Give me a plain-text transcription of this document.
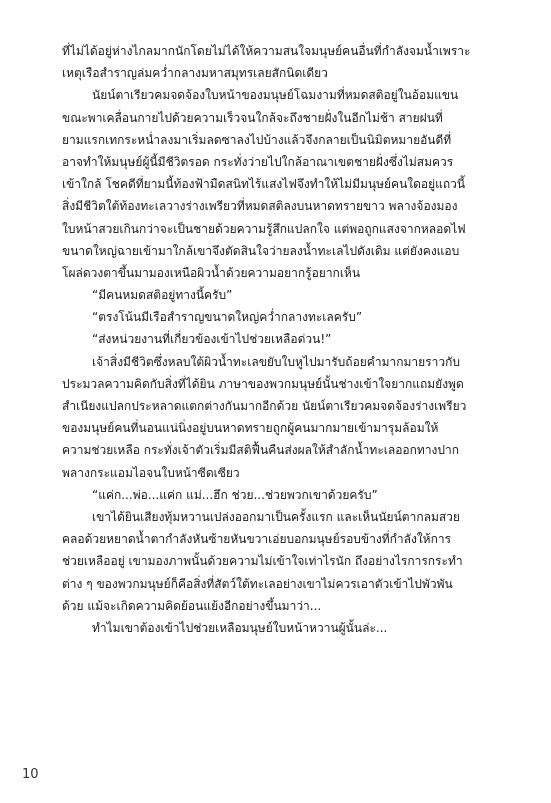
ที่ไม่ได้อยู่ห่างไกลมากนักโดยไม่ได้ให้ความสนใจมนุษย์คนอื่นที่กำลังจมน้ำเพราะ
เหตุเรือสำราญล่มคว่ำกลางมหาสมุทรเลยสักนิดเดียว
นัยน์ตาเรียวคมจดจ้องใบหน้าของมนุษย์โฉมงามที่หมดสติอยู่ในอ้อมแขน
ขณะพาเคลื่อนกายไปด้วยความเร็วจนใกล้จะถึงชายฝั่งในอีกไม่ช้า สายฝนที่
ยามแรกเทกระหน่ำลงมาเริ่มลดซาลงไปบ้างแล้วจึงกลายเป็นนิมิตหมายอันดีที่
อาจทำให้มนุษย์ผู้นี้มีชีวิตรอด กระทั่งว่ายไปใกล้อาณาเขตชายฝั่งซึ่งไม่สมควร
เข้าใกล้ โชคดีที่ยามนี้ท้องฟ้ามืดสนิทไร้แสงไฟจึงทำให้ไม่มีมนุษย์คนใดอยู่แถวนี้
สิ่งมีชีวิตใต้ท้องทะเลวางร่างเพรียวที่หมดสติลงบนหาดทรายขาว พลางจ้องมอง
ใบหน้าสวยเกินกว่าจะเป็นชายด้วยความรู้สึกแปลกใจ แต่พอถูกแสงจากหลอดไฟ
ขนาดใหญ่ฉายเข้ามาใกล้เขาจึงตัดสินใจว่ายลงน้ำทะเลไปดังเดิม แต่ยังคงแอบ
โผล่ดวงตาขึ้นมามองเหนือผิวน้ำด้วยความอยากรู้อยากเห็น
“มีคนหมดสติอยู่ทางนี้ครับ”
“ตรงโน้นมีเรือสำราญขนาดใหญ่คว่ำกลางทะเลครับ”
“ส่งหน่วยงานที่เกี่ยวข้องเข้าไปช่วยเหลือด่วน!”
เจ้าสิ่งมีชีวิตซึ่งหลบใต้ผิวน้ำทะเลขยับใบหูไปมารับถ้อยคำมากมายราวกับ
ประมวลความคิดกับสิ่งที่ได้ยิน ภาษาของพวกมนุษย์นั้นช่างเข้าใจยากแถมยังพูด
สำเนียงแปลกประหลาดแตกต่างกันมากอีกด้วย นัยน์ตาเรียวคมจดจ้องร่างเพรียว
ของมนุษย์คนที่นอนแน่นิ่งอยู่บนหาดทรายถูกผู้คนมากมายเข้ามารุมล้อมให้
ความช่วยเหลือ กระทั่งเจ้าตัวเริ่มมีสติฟื้นคืนส่งผลให้สำลักน้ำทะเลออกทางปาก
พลางกระแอมไอจนใบหน้าซีดเซียว
“แค่ก...พ่อ...แค่ก แม่...ฮึก ช่วย...ช่วยพวกเขาด้วยครับ”
เขาได้ยินเสียงทุ้มหวานเปล่งออกมาเป็นครั้งแรก และเห็นนัยน์ตากลมสวย
คลอด้วยหยาดน้ำตากำลังหันซ้ายหันขวาเอ่ยบอกมนุษย์รอบข้างที่กำลังให้การ
ช่วยเหลืออยู่ เขามองภาพนั้นด้วยความไม่เข้าใจเท่าไรนัก ถึงอย่างไรการกระทำ
ต่าง ๆ ของพวกมนุษย์ก็คือสิ่งที่สัตว์ใต้ทะเลอย่างเขาไม่ควรเอาตัวเข้าไปพัวพัน
ด้วย แม้จะเกิดความคิดย้อนแย้งอีกอย่างขึ้นมาว่า...
ทำไมเขาต้องเข้าไปช่วยเหลือมนุษย์ใบหน้าหวานผู้นั้นล่ะ...
10
